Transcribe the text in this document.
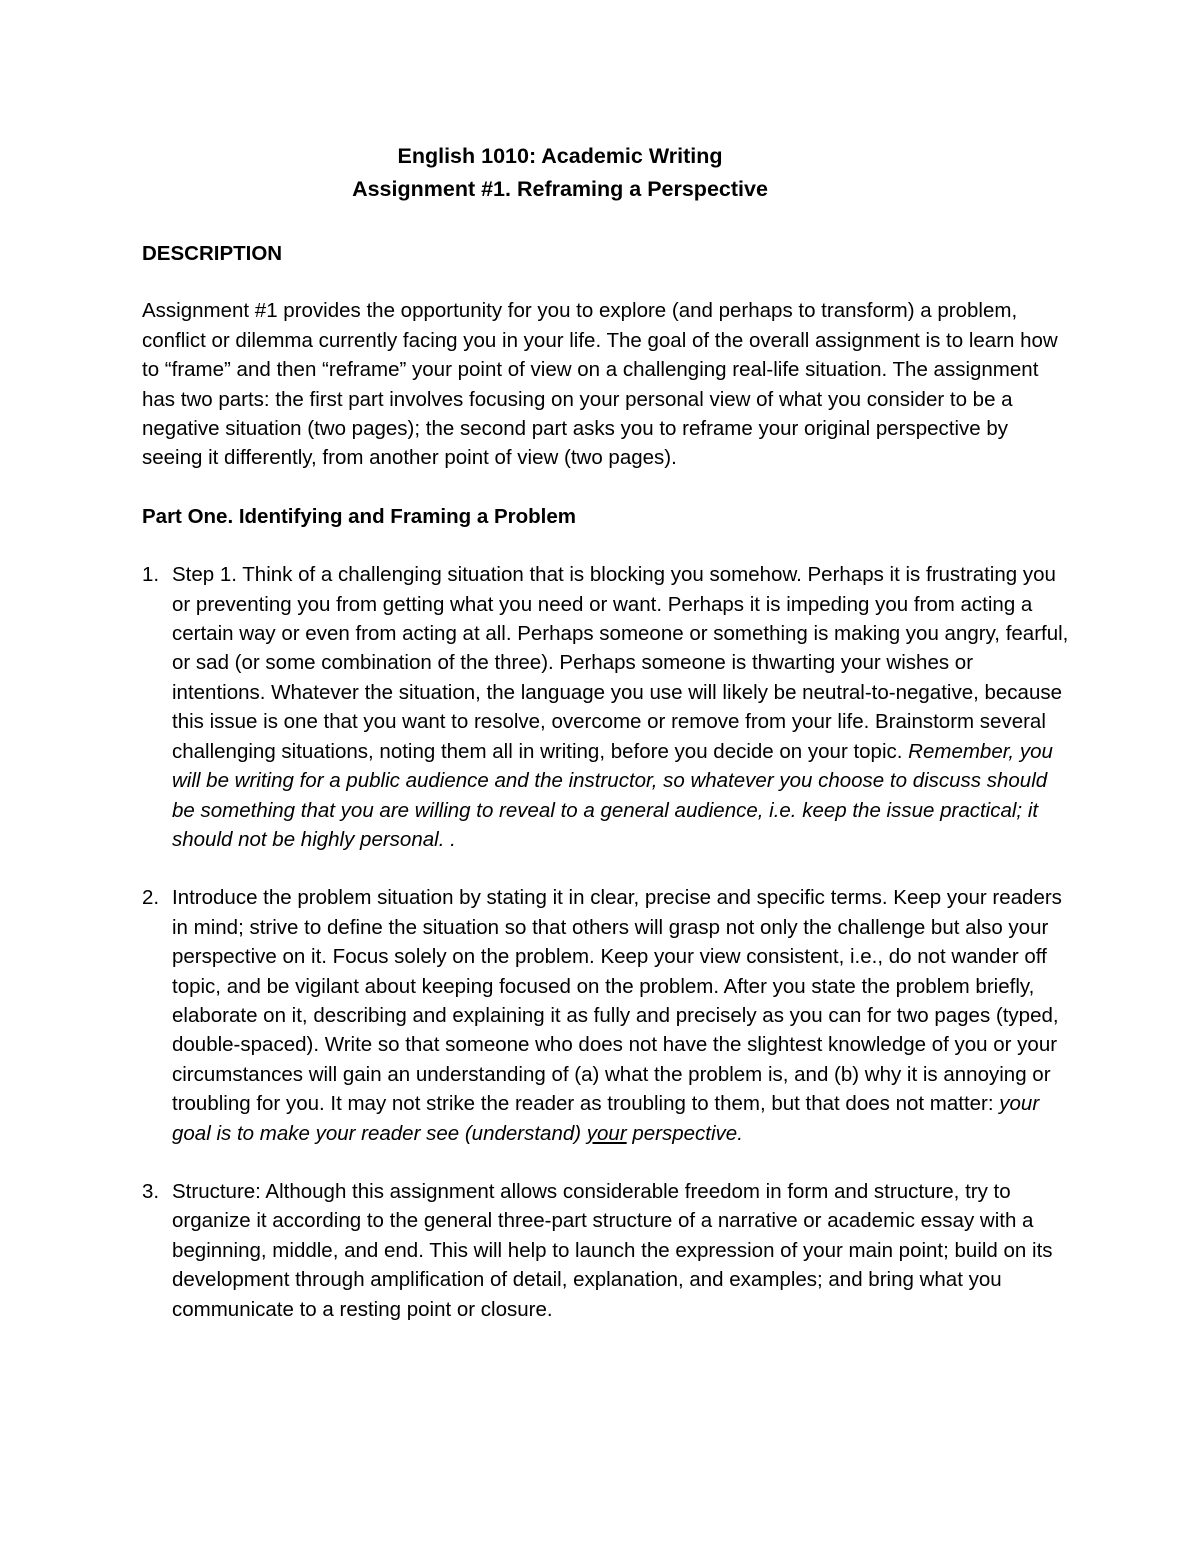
English 1010: Academic Writing
Assignment #1. Reframing a Perspective
DESCRIPTION
Assignment #1 provides the opportunity for you to explore (and perhaps to transform) a problem, conflict or dilemma currently facing you in your life. The goal of the overall assignment is to learn how to “frame” and then “reframe” your point of view on a challenging real-life situation. The assignment has two parts: the first part involves focusing on your personal view of what you consider to be a negative situation (two pages); the second part asks you to reframe your original perspective by seeing it differently, from another point of view (two pages).
Part One. Identifying and Framing a Problem
1. Step 1. Think of a challenging situation that is blocking you somehow. Perhaps it is frustrating you or preventing you from getting what you need or want. Perhaps it is impeding you from acting a certain way or even from acting at all. Perhaps someone or something is making you angry, fearful, or sad (or some combination of the three). Perhaps someone is thwarting your wishes or intentions. Whatever the situation, the language you use will likely be neutral-to-negative, because this issue is one that you want to resolve, overcome or remove from your life. Brainstorm several challenging situations, noting them all in writing, before you decide on your topic. Remember, you will be writing for a public audience and the instructor, so whatever you choose to discuss should be something that you are willing to reveal to a general audience, i.e. keep the issue practical; it should not be highly personal. .
2. Introduce the problem situation by stating it in clear, precise and specific terms. Keep your readers in mind; strive to define the situation so that others will grasp not only the challenge but also your perspective on it. Focus solely on the problem. Keep your view consistent, i.e., do not wander off topic, and be vigilant about keeping focused on the problem. After you state the problem briefly, elaborate on it, describing and explaining it as fully and precisely as you can for two pages (typed, double-spaced). Write so that someone who does not have the slightest knowledge of you or your circumstances will gain an understanding of (a) what the problem is, and (b) why it is annoying or troubling for you. It may not strike the reader as troubling to them, but that does not matter: your goal is to make your reader see (understand) your perspective.
3. Structure: Although this assignment allows considerable freedom in form and structure, try to organize it according to the general three-part structure of a narrative or academic essay with a beginning, middle, and end. This will help to launch the expression of your main point; build on its development through amplification of detail, explanation, and examples; and bring what you communicate to a resting point or closure.
